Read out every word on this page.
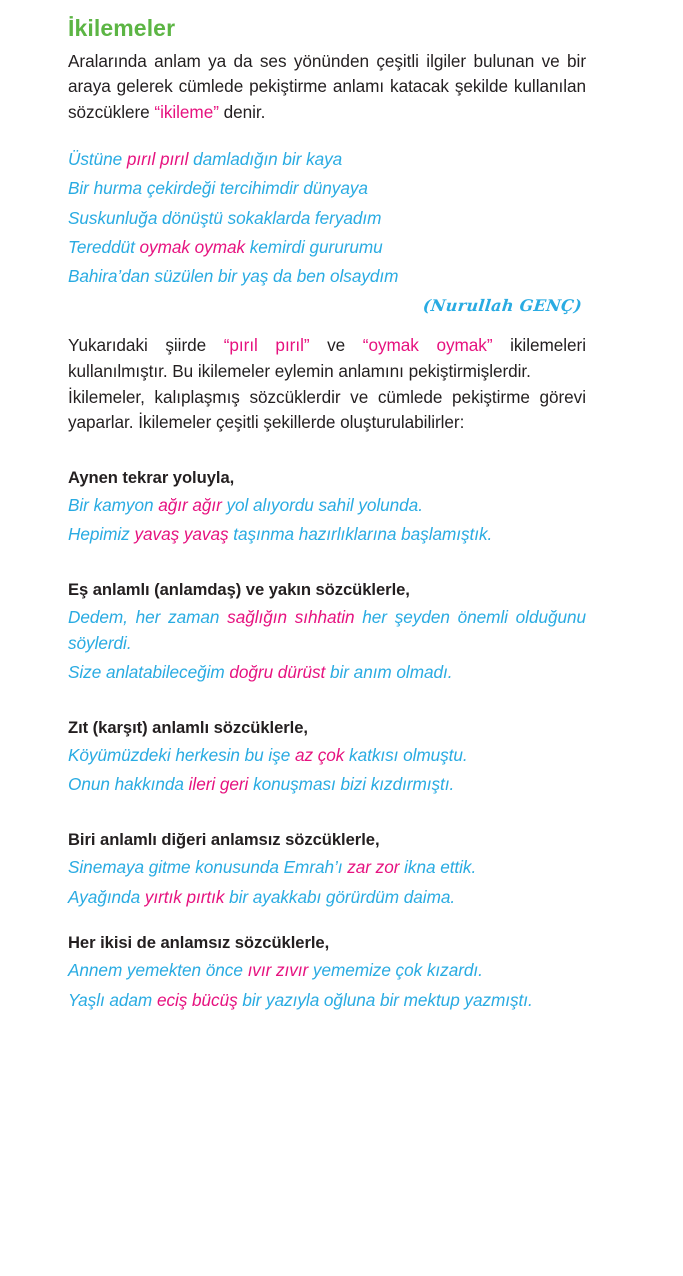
İkilemeler

Aralarında anlam ya da ses yönünden çeşitli ilgiler bulunan ve bir araya gelerek cümlede pekiştirme anlamı katacak şekilde kullanılan sözcüklere “ikileme” denir.

Üstüne pırıl pırıl damladığın bir kaya
Bir hurma çekirdeği tercihimdir dünyaya
Suskunluğa dönüştü sokaklarda feryadım
Tereddüt oymak oymak kemirdi gururumu
Bahira’dan süzülen bir yaş da ben olsaydım
(Nurullah GENÇ)

Yukarıdaki şiirde “pırıl pırıl” ve “oymak oymak” ikilemeleri kullanılmıştır. Bu ikilemeler eylemin anlamını pekiştirmişlerdir.

İkilemeler, kalıplaşmış sözcüklerdir ve cümlede pekiştirme görevi yaparlar. İkilemeler çeşitli şekillerde oluşturulabilirler:

Aynen tekrar yoluyla,

Bir kamyon ağır ağır yol alıyordu sahil yolunda.

Hepimiz yavaş yavaş taşınma hazırlıklarına başlamıştık.

Eş anlamlı (anlamdaş) ve yakın sözcüklerle,

Dedem, her zaman sağlığın sıhhatin her şeyden önemli olduğunu söylerdi.

Size anlatabileceğim doğru dürüst bir anım olmadı.

Zıt (karşıt) anlamlı sözcüklerle,

Köyümüzdeki herkesin bu işe az çok katkısı olmuştu.

Onun hakkında ileri geri konuşması bizi kızdırmıştı.

Biri anlamlı diğeri anlamsız sözcüklerle,

Sinemaya gitme konusunda Emrah’ı zar zor ikna ettik.

Ayağında yırtık pırtık bir ayakkabı görürdüm daima.

Her ikisi de anlamsız sözcüklerle,

Annem yemekten önce ıvır zıvır yememize çok kızardı.

Yaşlı adam eciş bücüş bir yazıyla oğluna bir mektup yazmıştı.
